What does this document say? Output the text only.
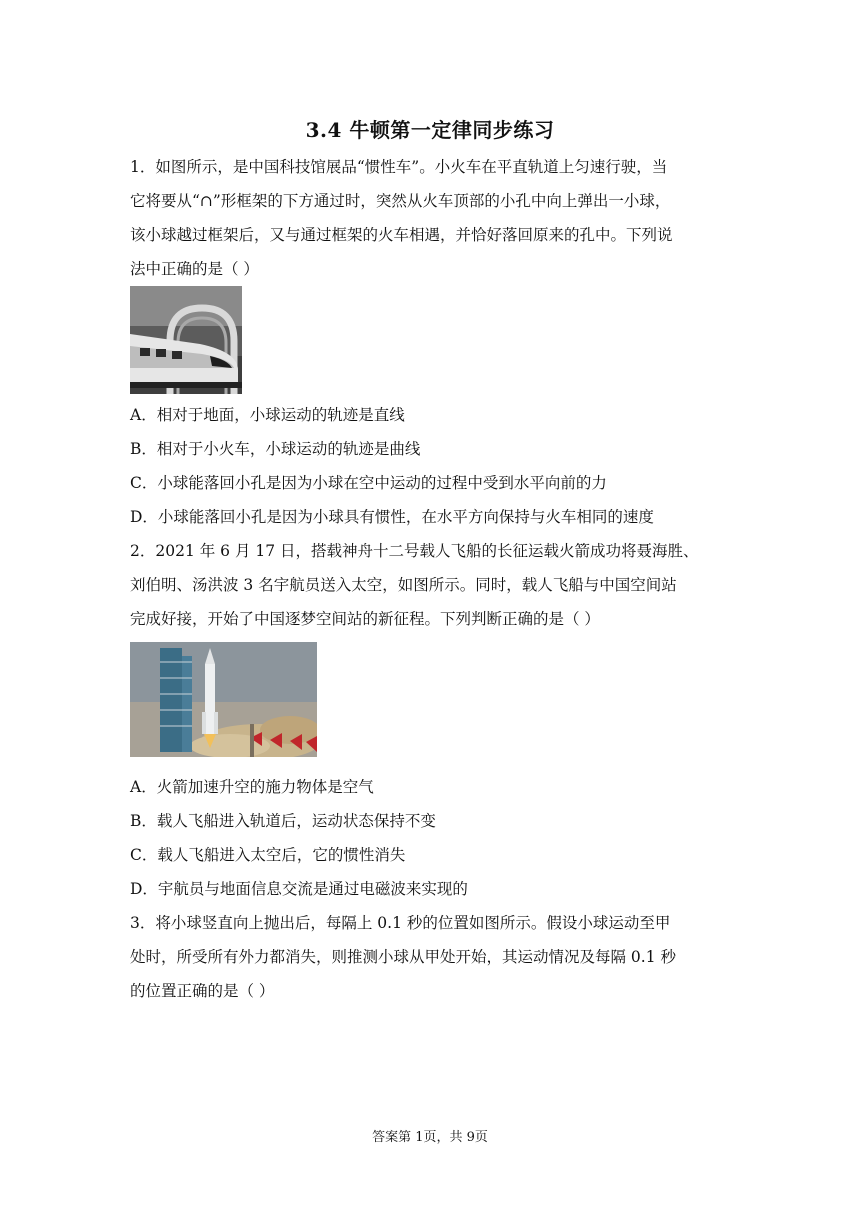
3.4 牛顿第一定律同步练习
1．如图所示，是中国科技馆展品“惯性车”。小火车在平直轨道上匀速行驶，当
它将要从“∩”形框架的下方通过时，突然从火车顶部的小孔中向上弹出一小球，
该小球越过框架后，又与通过框架的火车相遇，并恰好落回原来的孔中。下列说
法中正确的是（ ）
A．相对于地面，小球运动的轨迹是直线
B．相对于小火车，小球运动的轨迹是曲线
C．小球能落回小孔是因为小球在空中运动的过程中受到水平向前的力
D．小球能落回小孔是因为小球具有惯性，在水平方向保持与火车相同的速度
2．2021 年 6 月 17 日，搭载神舟十二号载人飞船的长征运载火箭成功将聂海胜、
刘伯明、汤洪波 3 名宇航员送入太空，如图所示。同时，载人飞船与中国空间站
完成好接，开始了中国逐梦空间站的新征程。下列判断正确的是（ ）
A．火箭加速升空的施力物体是空气
B．载人飞船进入轨道后，运动状态保持不变
C．载人飞船进入太空后，它的惯性消失
D．宇航员与地面信息交流是通过电磁波来实现的
3．将小球竖直向上抛出后，每隔上 0.1 秒的位置如图所示。假设小球运动至甲
处时，所受所有外力都消失，则推测小球从甲处开始，其运动情况及每隔 0.1 秒
的位置正确的是（ ）
答案第 1页，共 9页
